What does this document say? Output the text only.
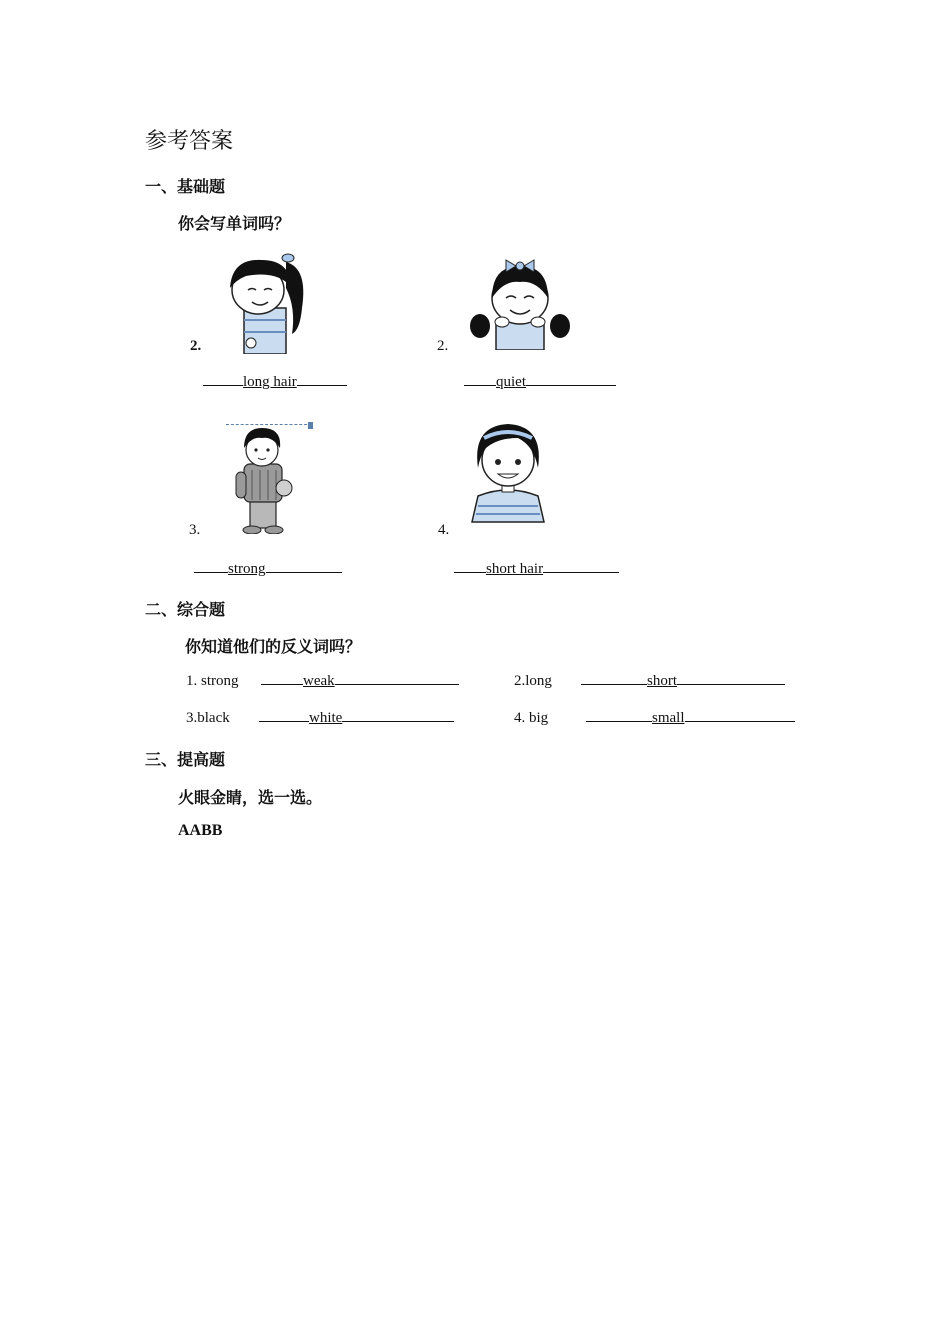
参考答案
一、基础题
你会写单词吗？
2.	2.
long hair	quiet
3.	4.
strong	short hair
二、综合题
你知道他们的反义词吗？
1. strong	weak	2.long	short
3.black	white	4. big	small
三、提高题
火眼金睛，选一选。
AABB
